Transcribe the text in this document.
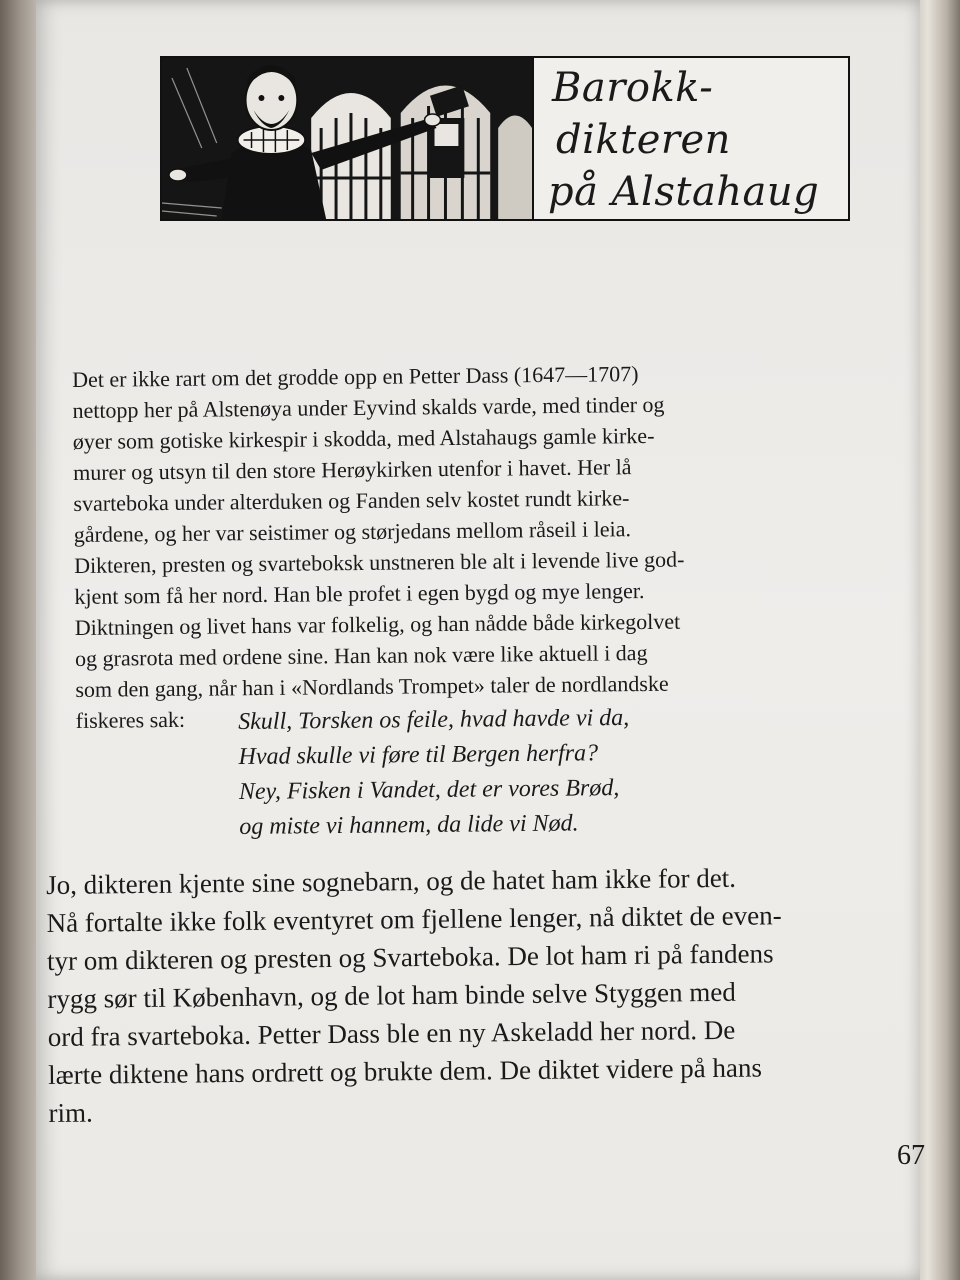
Barokk-
dikteren
på Alstahaug
Det er ikke rart om det grodde opp en Petter Dass (1647—1707)
nettopp her på Alstenøya under Eyvind skalds varde, med tinder og
øyer som gotiske kirkespir i skodda, med Alstahaugs gamle kirke-
murer og utsyn til den store Herøykirken utenfor i havet. Her lå
svarteboka under alterduken og Fanden selv kostet rundt kirke-
gårdene, og her var seistimer og størjedans mellom råseil i leia.
Dikteren, presten og svarteboksk unstneren ble alt i levende live god-
kjent som få her nord. Han ble profet i egen bygd og mye lenger.
Diktningen og livet hans var folkelig, og han nådde både kirkegolvet
og grasrota med ordene sine. Han kan nok være like aktuell i dag
som den gang, når han i «Nordlands Trompet» taler de nordlandske
fiskeres sak:	Skull, Torsken os feile, hvad havde vi da,
Hvad skulle vi føre til Bergen herfra?
Ney, Fisken i Vandet, det er vores Brød,
og miste vi hannem, da lide vi Nød.
Jo, dikteren kjente sine sognebarn, og de hatet ham ikke for det.
Nå fortalte ikke folk eventyret om fjellene lenger, nå diktet de even-
tyr om dikteren og presten og Svarteboka. De lot ham ri på fandens
rygg sør til København, og de lot ham binde selve Styggen med
ord fra svarteboka. Petter Dass ble en ny Askeladd her nord. De
lærte diktene hans ordrett og brukte dem. De diktet videre på hans
rim.
67
